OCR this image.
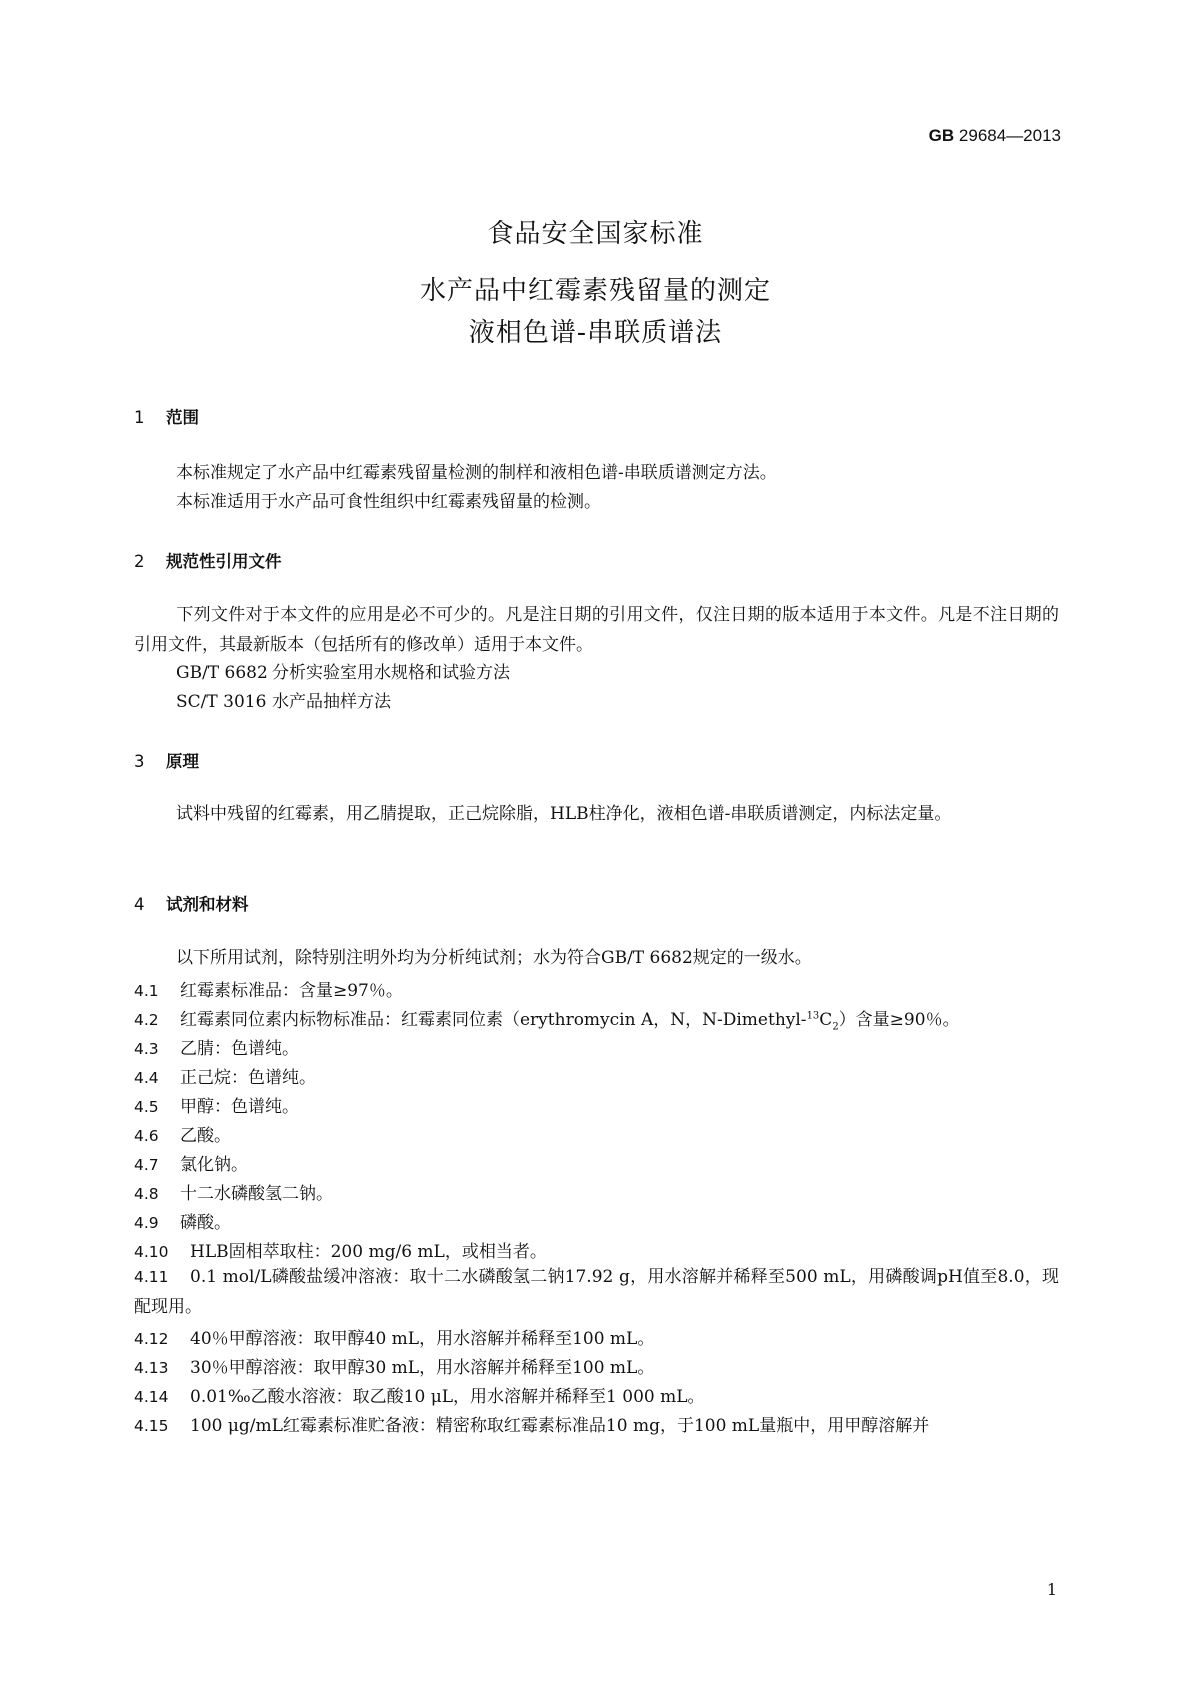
GB 29684—2013
食品安全国家标准
水产品中红霉素残留量的测定
液相色谱-串联质谱法
1 范围
本标准规定了水产品中红霉素残留量检测的制样和液相色谱-串联质谱测定方法。
本标准适用于水产品可食性组织中红霉素残留量的检测。
2 规范性引用文件
下列文件对于本文件的应用是必不可少的。凡是注日期的引用文件，仅注日期的版本适用于本文件。凡是不注日期的引用文件，其最新版本（包括所有的修改单）适用于本文件。
GB/T 6682 分析实验室用水规格和试验方法
SC/T 3016 水产品抽样方法
3 原理
试料中残留的红霉素，用乙腈提取，正己烷除脂，HLB柱净化，液相色谱-串联质谱测定，内标法定量。
4 试剂和材料
以下所用试剂，除特别注明外均为分析纯试剂；水为符合GB/T 6682规定的一级水。
4.1 红霉素标准品：含量≥97％。
4.2 红霉素同位素内标物标准品：红霉素同位素（erythromycin A，N，$N-Dimethyl-^{13}C_2$）含量≥90％。
4.3 乙腈：色谱纯。
4.4 正己烷：色谱纯。
4.5 甲醇：色谱纯。
4.6 乙酸。
4.7 氯化钠。
4.8 十二水磷酸氢二钠。
4.9 磷酸。
4.10 HLB固相萃取柱：200 mg/6 mL，或相当者。
4.11 0.1 mol/L磷酸盐缓冲溶液：取十二水磷酸氢二钠17.92 g，用水溶解并稀释至500 mL，用磷酸调pH值至8.0，现配现用。
4.12 40％甲醇溶液：取甲醇40 mL，用水溶解并稀释至100 mL。
4.13 30％甲醇溶液：取甲醇30 mL，用水溶解并稀释至100 mL。
4.14 0.01‰乙酸水溶液：取乙酸10 μL，用水溶解并稀释至1 000 mL。
4.15 100 μg/mL红霉素标准贮备液：精密称取红霉素标准品10 mg，于100 mL量瓶中，用甲醇溶解并
1
